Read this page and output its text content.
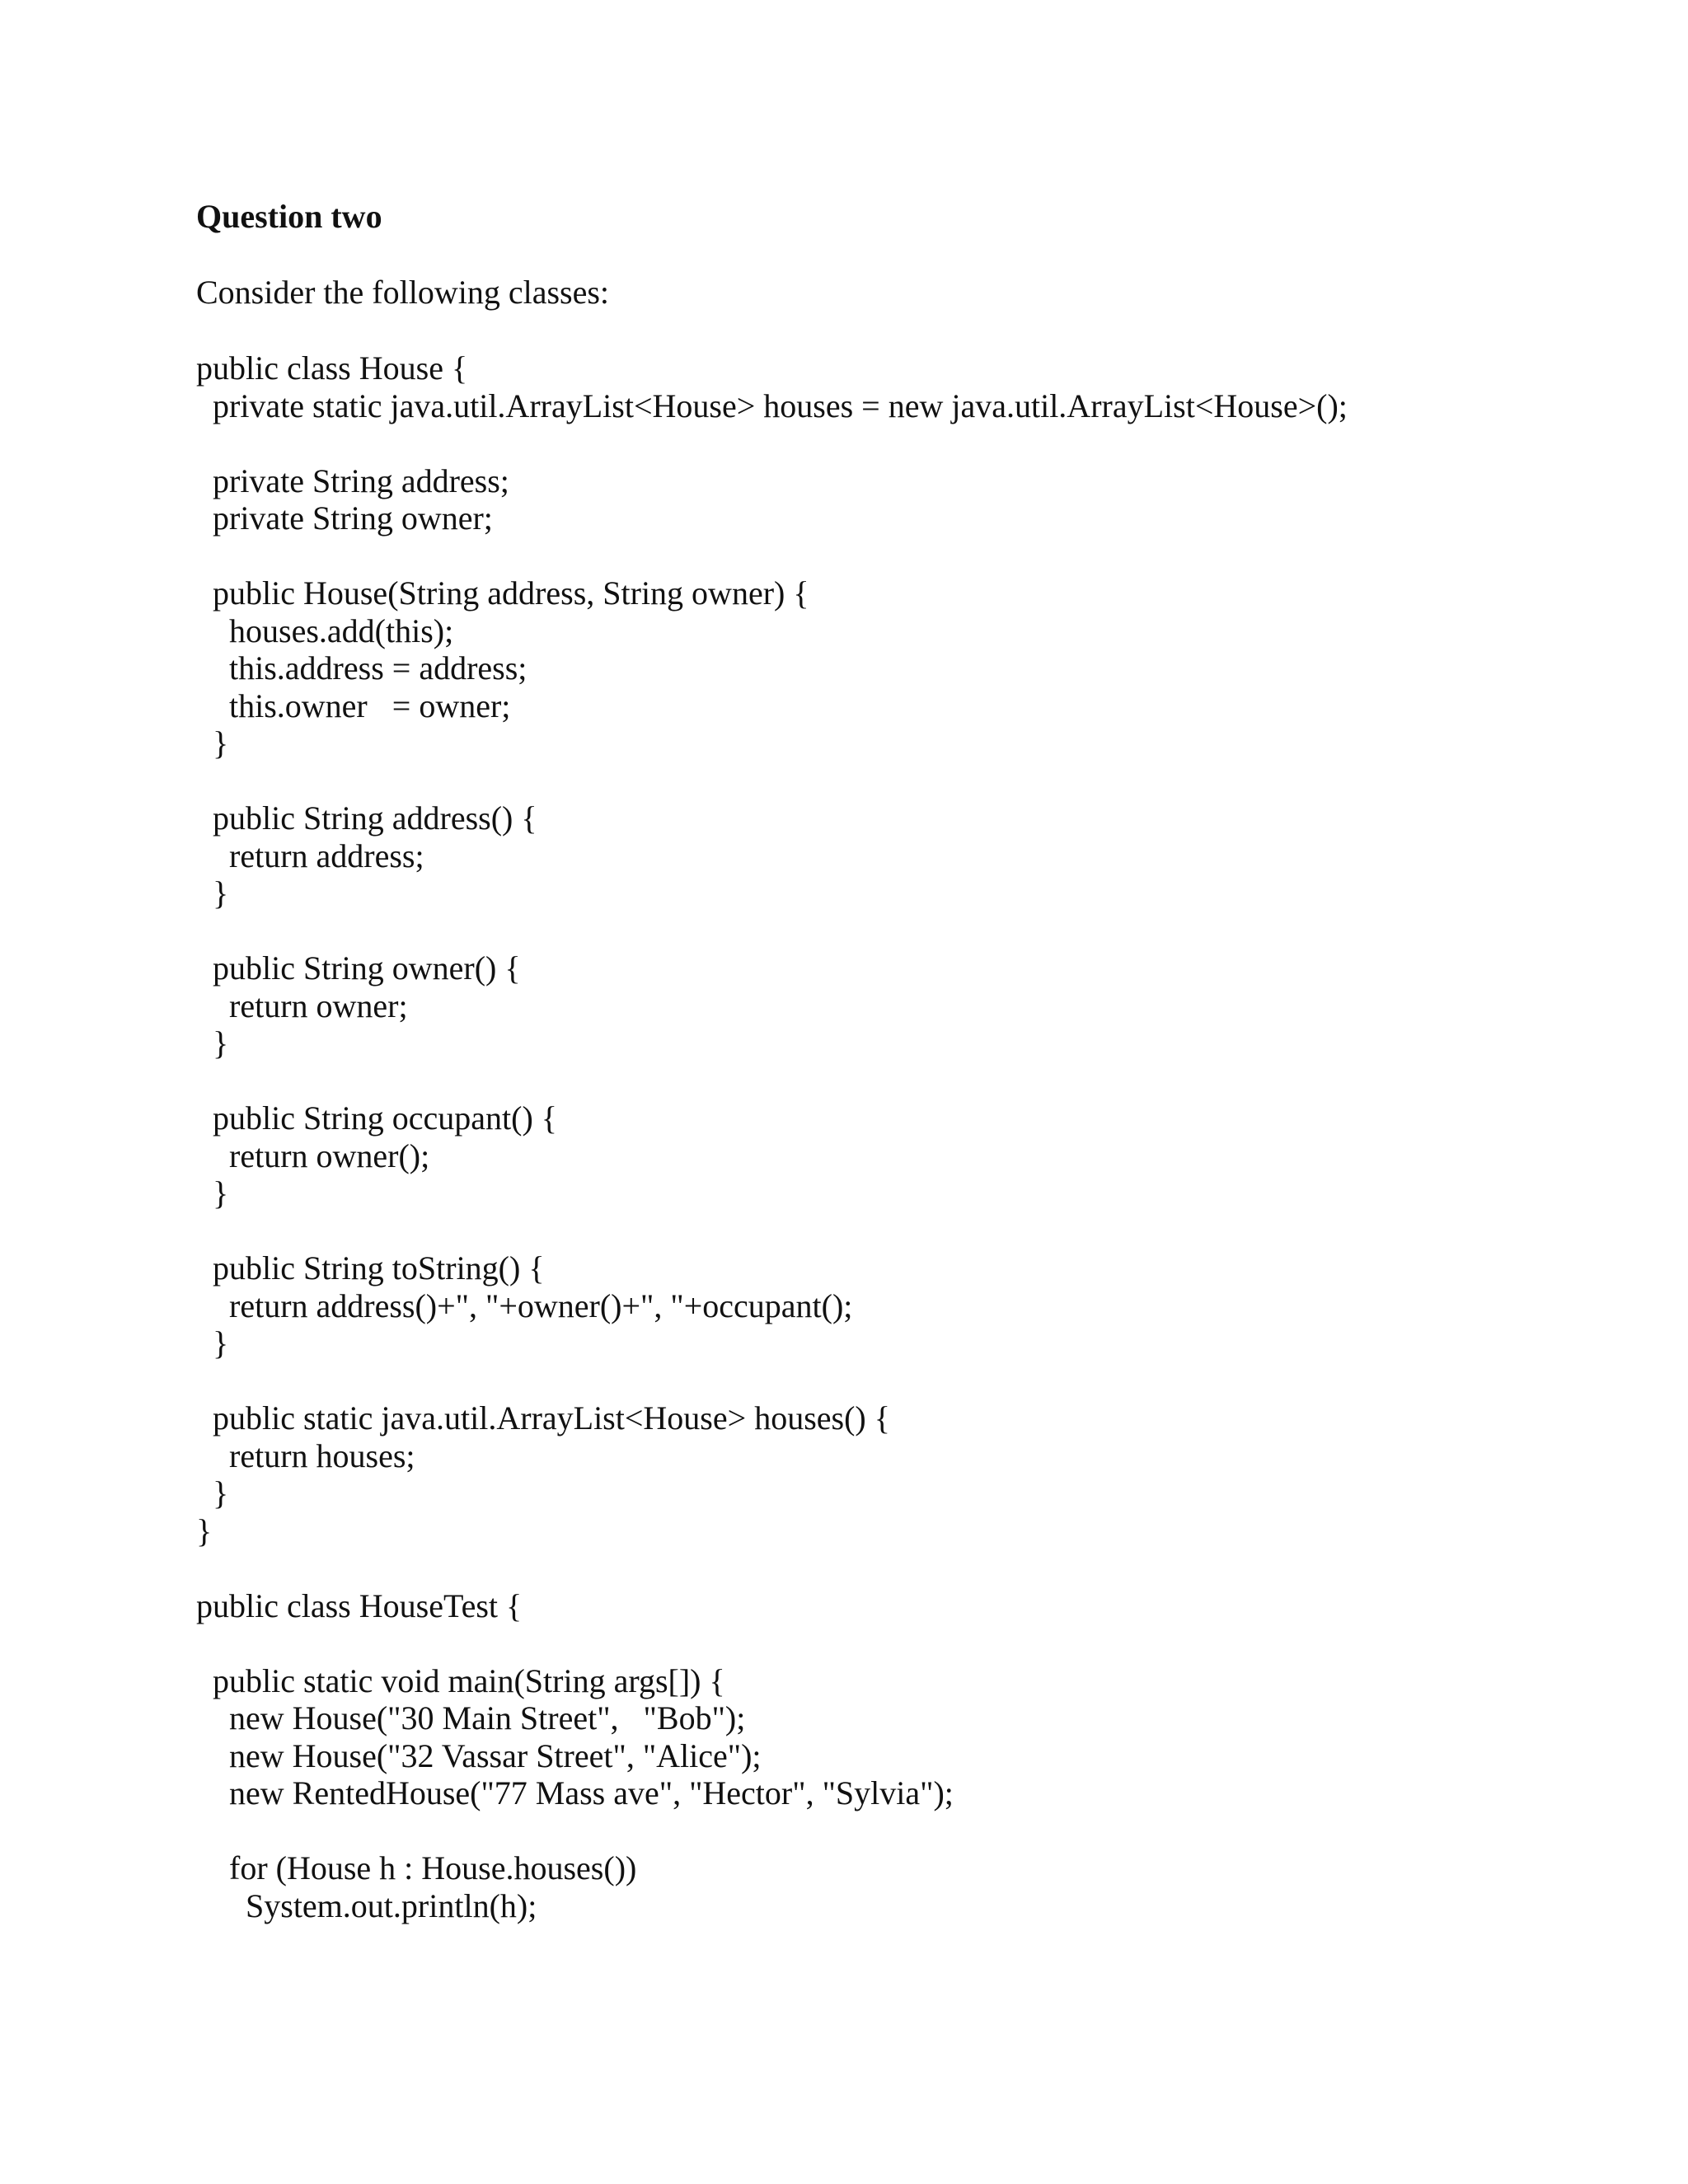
Question two

Consider the following classes:

public class House {
private static java.util.ArrayList<House> houses = new java.util.ArrayList<House>();

private String address;
private String owner;

public House(String address, String owner) {
houses.add(this);
this.address = address;
this.owner   = owner;
}

public String address() {
return address;
}

public String owner() {
return owner;
}

public String occupant() {
return owner();
}

public String toString() {
return address()+", "+owner()+", "+occupant();
}

public static java.util.ArrayList<House> houses() {
return houses;
}
}

public class HouseTest {

public static void main(String args[]) {
new House("30 Main Street",   "Bob");
new House("32 Vassar Street", "Alice");
new RentedHouse("77 Mass ave", "Hector", "Sylvia");

for (House h : House.houses())
System.out.println(h);
